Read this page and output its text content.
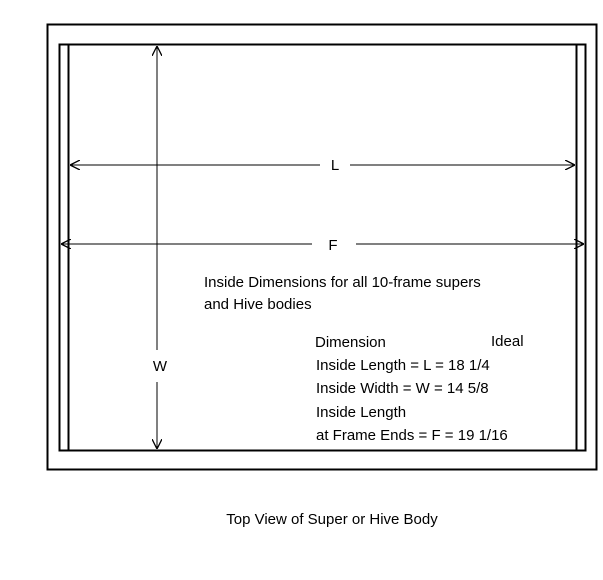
L
F
W
Inside Dimensions for all 10-frame supers
and Hive bodies
Dimension	Ideal
Inside Length = L = 18 1/4
Inside Width = W = 14 5/8
Inside Length
at Frame Ends = F = 19 1/16
Top View of Super or Hive Body
